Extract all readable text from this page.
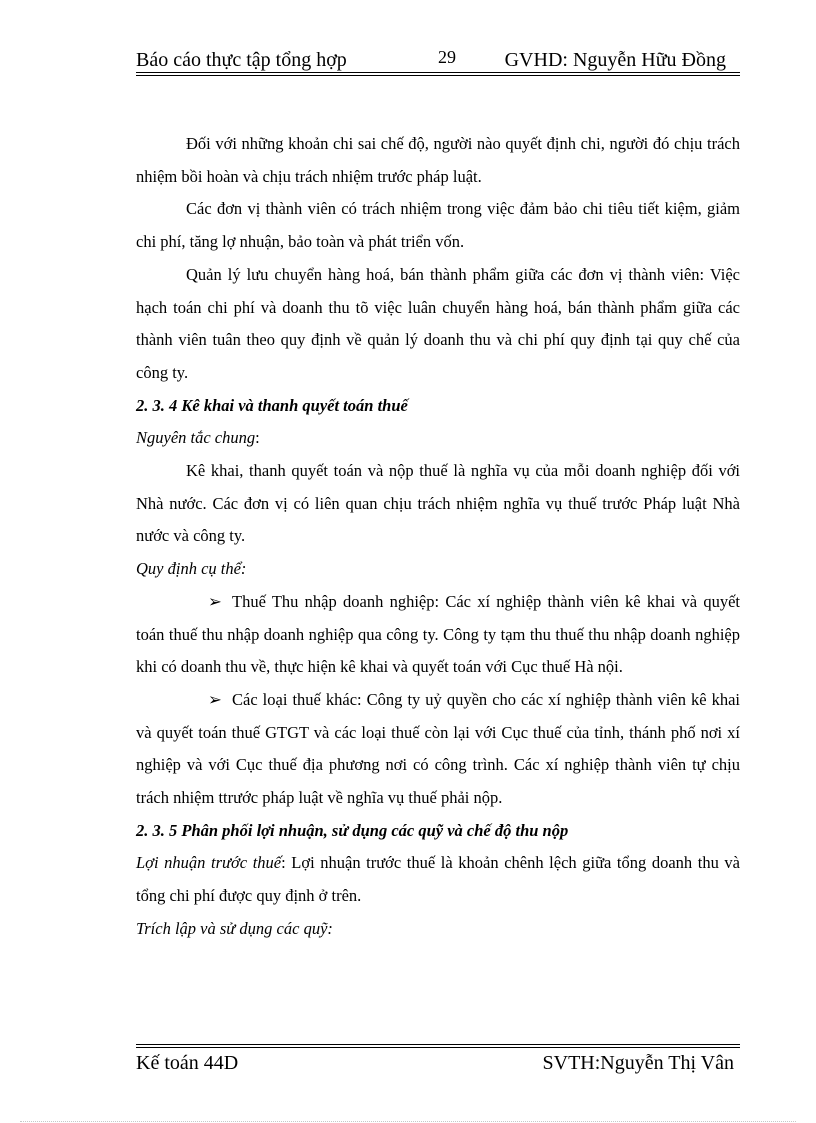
Báo cáo thực tập tổng hợp	29 GVHD: Nguyễn Hữu Đồng

Đối với những khoản chi sai chế độ, người nào quyết định chi, người đó chịu trách nhiệm bồi hoàn và chịu trách nhiệm trước pháp luật.

Các đơn vị thành viên có trách nhiệm trong việc đảm bảo chi tiêu tiết kiệm, giảm chi phí, tăng lợ nhuận, bảo toàn và phát triển vốn.

Quản lý lưu chuyển hàng hoá, bán thành phẩm giữa các đơn vị thành viên: Việc hạch toán chi phí và doanh thu tõ việc luân chuyển hàng hoá, bán thành phẩm giữa các thành viên tuân theo quy định về quản lý doanh thu và chi phí quy định tại quy chế của công ty.

2. 3. 4 Kê khai và thanh quyết toán thuế

Nguyên tắc chung:

Kê khai, thanh quyết toán và nộp thuế là nghĩa vụ của mỗi doanh nghiệp đối với Nhà nước. Các đơn vị có liên quan chịu trách nhiệm nghĩa vụ thuế trước Pháp luật Nhà nước và công ty.

Quy định cụ thể:

➢ Thuế Thu nhập doanh nghiệp: Các xí nghiệp thành viên kê khai và quyết toán thuế thu nhập doanh nghiệp qua công ty. Công ty tạm thu thuế thu nhập doanh nghiệp khi có doanh thu về, thực hiện kê khai và quyết toán với Cục thuế Hà nội.

➢ Các loại thuế khác: Công ty uỷ quyền cho các xí nghiệp thành viên kê khai và quyết toán thuế GTGT và các loại thuế còn lại với Cục thuế của tỉnh, thánh phố nơi xí nghiệp và với Cục thuế địa phương nơi có công trình. Các xí nghiệp thành viên tự chịu trách nhiệm ttrước pháp luật về nghĩa vụ thuế phải nộp.

2. 3. 5 Phân phối lợi nhuận, sử dụng các quỹ và chế độ thu nộp

Lợi nhuận trước thuế: Lợi nhuận trước thuế là khoản chênh lệch giữa tổng doanh thu và tổng chi phí được quy định ở trên.

Trích lập và sử dụng các quỹ:

Kế toán 44D	SVTH:Nguyễn Thị Vân
